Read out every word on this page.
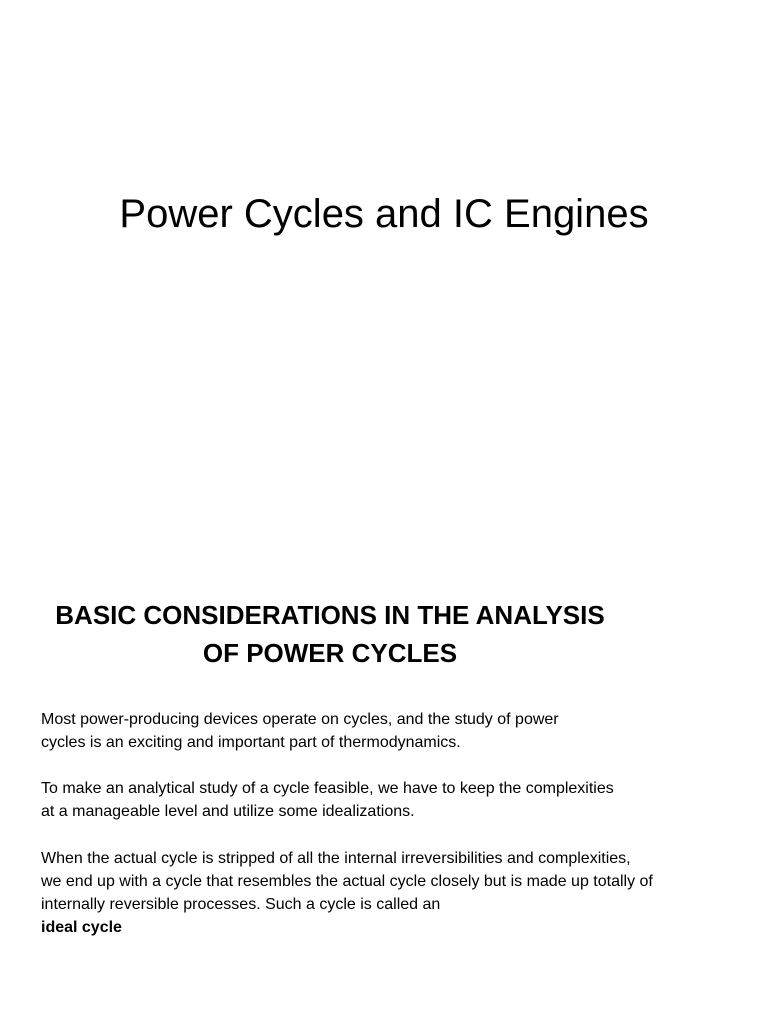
Power Cycles and IC Engines
BASIC CONSIDERATIONS IN THE ANALYSIS
OF POWER CYCLES

Most power-producing devices operate on cycles, and the study of power
cycles is an exciting and important part of thermodynamics.

To make an analytical study of a cycle feasible, we have to keep the complexities
at a manageable level and utilize some idealizations.

When the actual cycle is stripped of all the internal irreversibilities and complexities,
we end up with a cycle that resembles the actual cycle closely but is made up totally of
internally reversible processes. Such a cycle is called an

ideal cycle
